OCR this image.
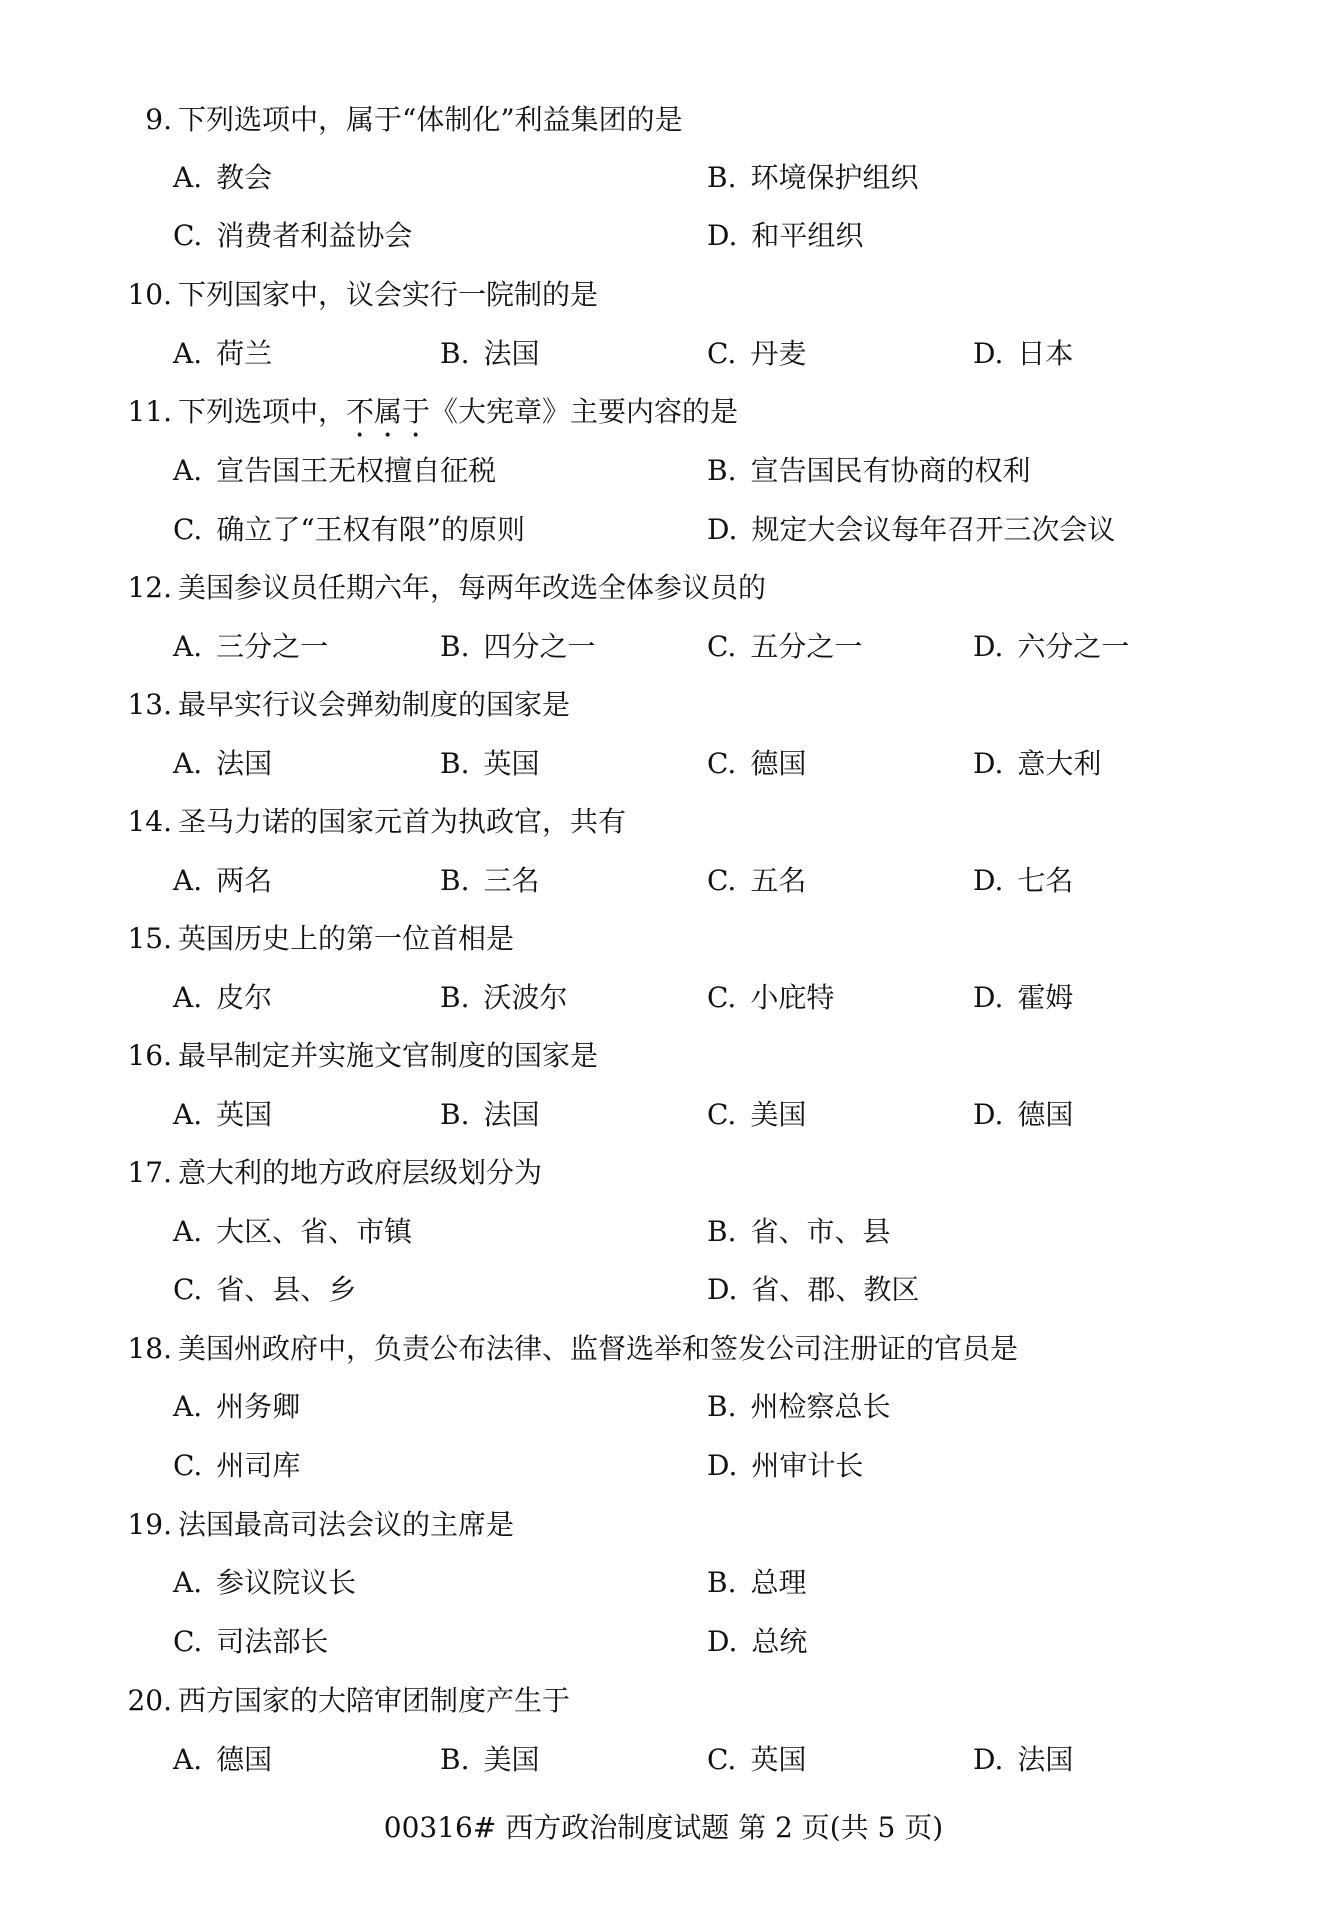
9. 下列选项中，属于“体制化”利益集团的是
A. 教会	B. 环境保护组织
C. 消费者利益协会	D. 和平组织
10. 下列国家中，议会实行一院制的是
A. 荷兰	B. 法国	C. 丹麦	D. 日本
11. 下列选项中，不属于《大宪章》主要内容的是
A. 宣告国王无权擅自征税	B. 宣告国民有协商的权利
C. 确立了“王权有限”的原则	D. 规定大会议每年召开三次会议
12. 美国参议员任期六年，每两年改选全体参议员的
A. 三分之一	B. 四分之一	C. 五分之一	D. 六分之一
13. 最早实行议会弹劾制度的国家是
A. 法国	B. 英国	C. 德国	D. 意大利
14. 圣马力诺的国家元首为执政官，共有
A. 两名	B. 三名	C. 五名	D. 七名
15. 英国历史上的第一位首相是
A. 皮尔	B. 沃波尔	C. 小庇特	D. 霍姆
16. 最早制定并实施文官制度的国家是
A. 英国	B. 法国	C. 美国	D. 德国
17. 意大利的地方政府层级划分为
A. 大区、省、市镇	B. 省、市、县
C. 省、县、乡	D. 省、郡、教区
18. 美国州政府中，负责公布法律、监督选举和签发公司注册证的官员是
A. 州务卿	B. 州检察总长
C. 州司库	D. 州审计长
19. 法国最高司法会议的主席是
A. 参议院议长	B. 总理
C. 司法部长	D. 总统
20. 西方国家的大陪审团制度产生于
A. 德国	B. 美国	C. 英国	D. 法国
00316# 西方政治制度试题 第 2 页(共 5 页)
